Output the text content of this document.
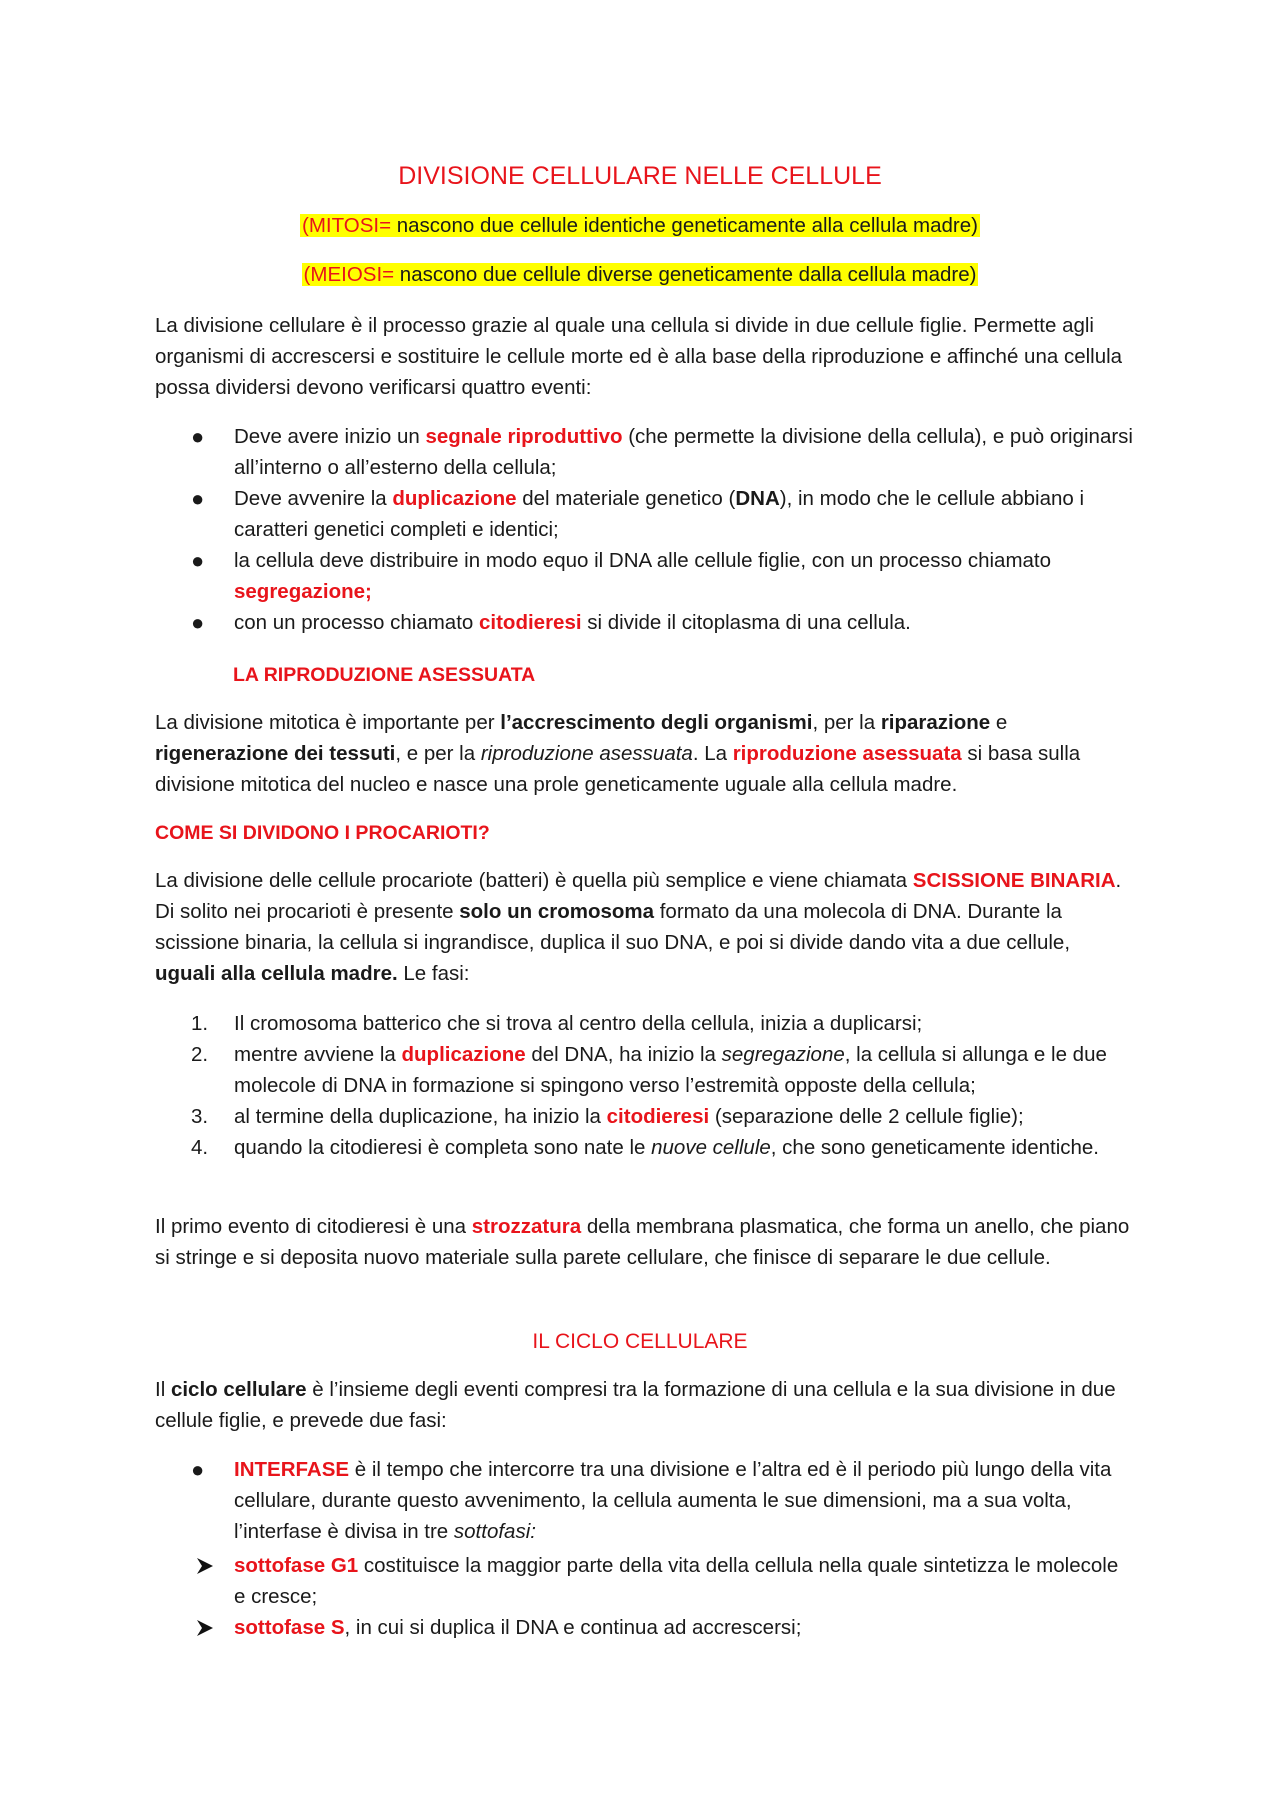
DIVISIONE CELLULARE NELLE CELLULE
(MITOSI= nascono due cellule identiche geneticamente alla cellula madre)
(MEIOSI= nascono due cellule diverse geneticamente dalla cellula madre)

La divisione cellulare è il processo grazie al quale una cellula si divide in due cellule figlie. Permette agli organismi di accrescersi e sostituire le cellule morte ed è alla base della riproduzione e affinché una cellula possa dividersi devono verificarsi quattro eventi:

● Deve avere inizio un segnale riproduttivo (che permette la divisione della cellula), e può originarsi all’interno o all’esterno della cellula;
● Deve avvenire la duplicazione del materiale genetico (DNA), in modo che le cellule abbiano i caratteri genetici completi e identici;
● la cellula deve distribuire in modo equo il DNA alle cellule figlie, con un processo chiamato segregazione;
● con un processo chiamato citodieresi si divide il citoplasma di una cellula.
LA RIPRODUZIONE ASESSUATA

La divisione mitotica è importante per l’accrescimento degli organismi, per la riparazione e rigenerazione dei tessuti, e per la riproduzione asessuata. La riproduzione asessuata si basa sulla divisione mitotica del nucleo e nasce una prole geneticamente uguale alla cellula madre.

COME SI DIVIDONO I PROCARIOTI?

La divisione delle cellule procariote (batteri) è quella più semplice e viene chiamata SCISSIONE BINARIA. Di solito nei procarioti è presente solo un cromosoma formato da una molecola di DNA. Durante la scissione binaria, la cellula si ingrandisce, duplica il suo DNA, e poi si divide dando vita a due cellule, uguali alla cellula madre. Le fasi:

1. Il cromosoma batterico che si trova al centro della cellula, inizia a duplicarsi;
2. mentre avviene la duplicazione del DNA, ha inizio la segregazione, la cellula si allunga e le due molecole di DNA in formazione si spingono verso l’estremità opposte della cellula;
3. al termine della duplicazione, ha inizio la citodieresi (separazione delle 2 cellule figlie);
4. quando la citodieresi è completa sono nate le nuove cellule, che sono geneticamente identiche.

Il primo evento di citodieresi è una strozzatura della membrana plasmatica, che forma un anello, che piano si stringe e si deposita nuovo materiale sulla parete cellulare, che finisce di separare le due cellule.

IL CICLO CELLULARE

Il ciclo cellulare è l’insieme degli eventi compresi tra la formazione di una cellula e la sua divisione in due cellule figlie, e prevede due fasi:

● INTERFASE è il tempo che intercorre tra una divisione e l’altra ed è il periodo più lungo della vita cellulare, durante questo avvenimento, la cellula aumenta le sue dimensioni, ma a sua volta, l’interfase è divisa in tre sottofasi:
sottofase G1 costituisce la maggior parte della vita della cellula nella quale sintetizza le molecole e cresce;
sottofase S, in cui si duplica il DNA e continua ad accrescersi;
